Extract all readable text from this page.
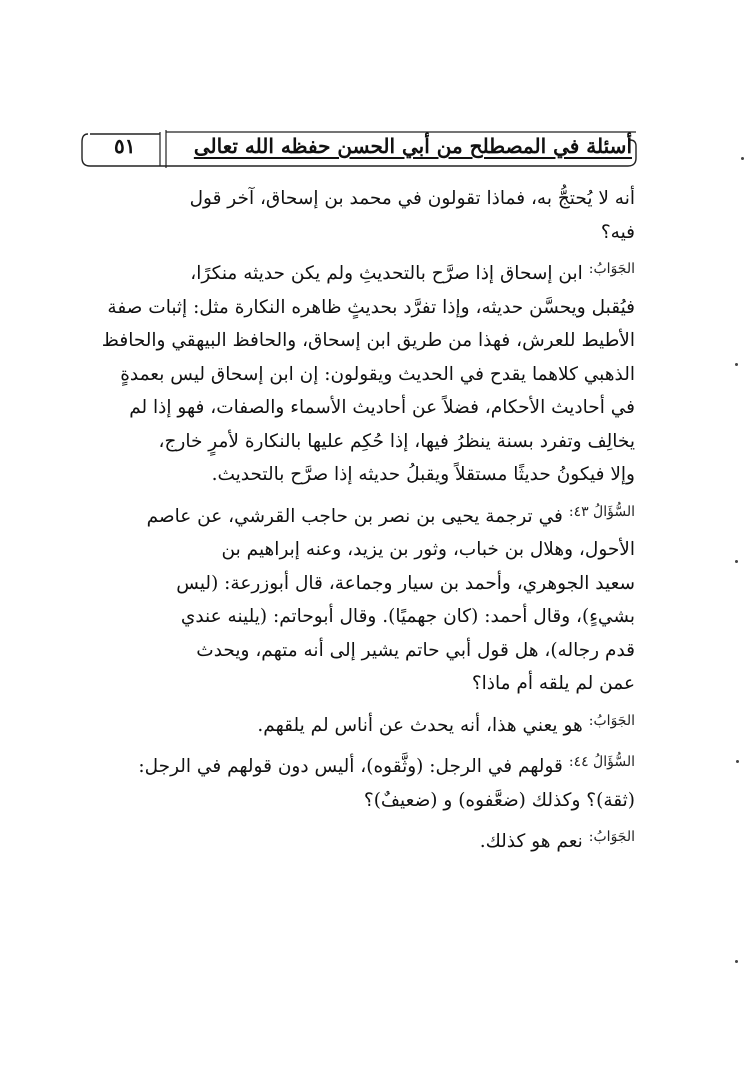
٥١	أسئلة في المصطلح من أبي الحسن حفظه الله تعالى
أنه لا يُحتجُّ به، فماذا تقولون في محمد بن إسحاق، آخر قول
فيه؟
$^{الجَوَابُ:}$ابن إسحاق إذا صرَّح بالتحديثِ ولم يكن حديثه منكرًا،
فيُقبل ويحسَّن حديثه، وإذا تفرَّد بحديثٍ ظاهره النكارة مثل: إثبات صفة
الأطيط للعرش، فهذا من طريق ابن إسحاق، والحافظ البيهقي والحافظ
الذهبي كلاهما يقدح في الحديث ويقولون: إن ابن إسحاق ليس بعمدةٍ
في أحاديث الأحكام، فضلاً عن أحاديث الأسماء والصفات، فهو إذا لم
يخالِف وتفرد بسنة ينظرُ فيها، إذا حُكِم عليها بالنكارة لأمرٍ خارج،
وإلا فيكونُ حديثًا مستقلاً ويقبلُ حديثه إذا صرَّح بالتحديث.
$^{السُّؤَالُ ٤٣:}$في ترجمة يحيى بن نصر بن حاجب القرشي، عن عاصم
الأحول، وهلال بن خباب، وثور بن يزيد، وعنه إبراهيم بن
سعيد الجوهري، وأحمد بن سيار وجماعة، قال أبوزرعة: (ليس
بشيءٍ)، وقال أحمد: (كان جهميًا). وقال أبوحاتم: (يلينه عندي
قدم رجاله)، هل قول أبي حاتم يشير إلى أنه متهم، ويحدث
عمن لم يلقه أم ماذا؟
$^{الجَوَابُ:}$هو يعني هذا، أنه يحدث عن أناس لم يلقهم.
$^{السُّؤَالُ ٤٤:}$قولهم في الرجل: (وثَّقوه)، أليس دون قولهم في الرجل:
(ثقة)؟ وكذلك (ضعَّفوه) و (ضعيفٌ)؟
$^{الجَوَابُ:}$نعم هو كذلك.
